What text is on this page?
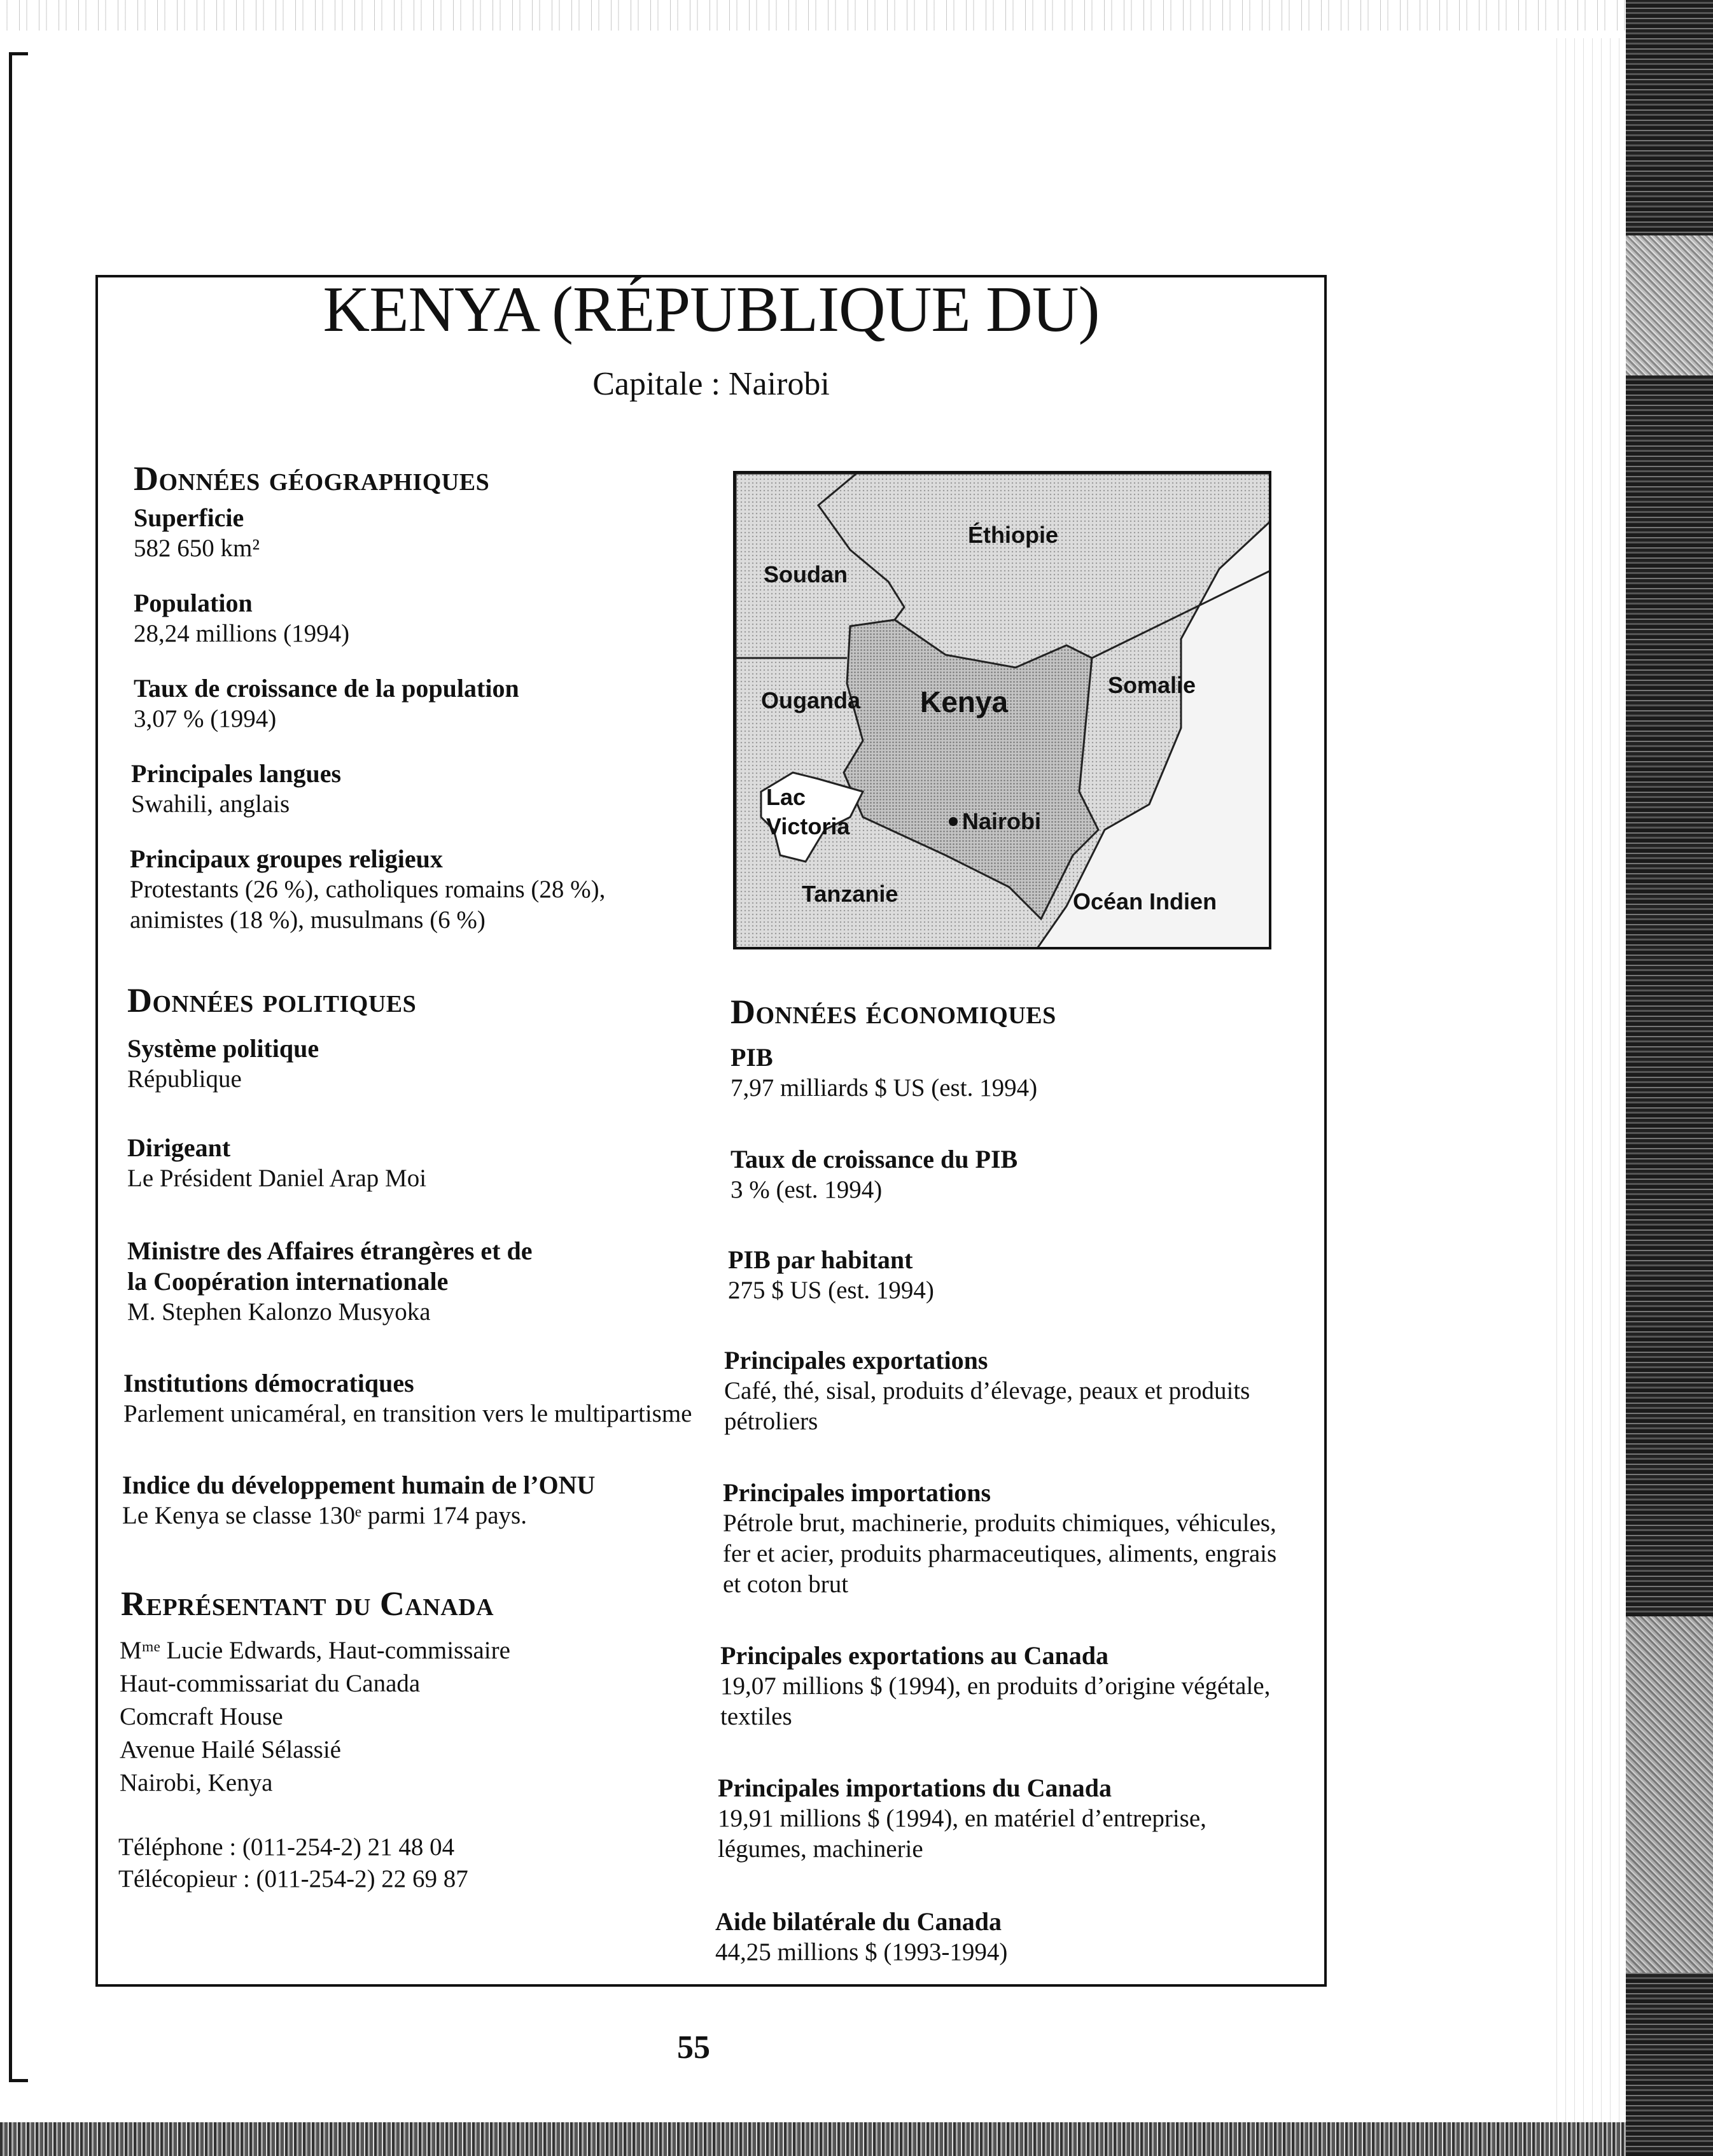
KENYA (RÉPUBLIQUE DU)
Capitale : Nairobi
Données géographiques
Superficie
582 650 km²
Population
28,24 millions (1994)
Taux de croissance de la population
3,07 % (1994)
Principales langues
Swahili, anglais
Principaux groupes religieux
Protestants (26 %), catholiques romains (28 %),
animistes (18 %), musulmans (6 %)
Éthiopie
Soudan
Ouganda Kenya
Somalie
Lac
Victoria	Nairobi
Tanzanie	Océan Indien
Données politiques
Système politique
République
Dirigeant
Le Président Daniel Arap Moi
Ministre des Affaires étrangères et de
la Coopération internationale
M. Stephen Kalonzo Musyoka
Institutions démocratiques
Parlement unicaméral, en transition vers le multipartisme
Indice du développement humain de l’ONU
Le Kenya se classe 130ᵉ parmi 174 pays.
Représentant du Canada
Mᵐᵉ Lucie Edwards, Haut-commissaire
Haut-commissariat du Canada
Comcraft House
Avenue Hailé Sélassié
Nairobi, Kenya
Téléphone : (011-254-2) 21 48 04
Télécopieur : (011-254-2) 22 69 87
Données économiques
PIB
7,97 milliards $ US (est. 1994)
Taux de croissance du PIB
3 % (est. 1994)
PIB par habitant
275 $ US (est. 1994)
Principales exportations
Café, thé, sisal, produits d’élevage, peaux et produits
pétroliers
Principales importations
Pétrole brut, machinerie, produits chimiques, véhicules,
fer et acier, produits pharmaceutiques, aliments, engrais
et coton brut
Principales exportations au Canada
19,07 millions $ (1994), en produits d’origine végétale,
textiles
Principales importations du Canada
19,91 millions $ (1994), en matériel d’entreprise,
légumes, machinerie
Aide bilatérale du Canada
44,25 millions $ (1993-1994)
55
